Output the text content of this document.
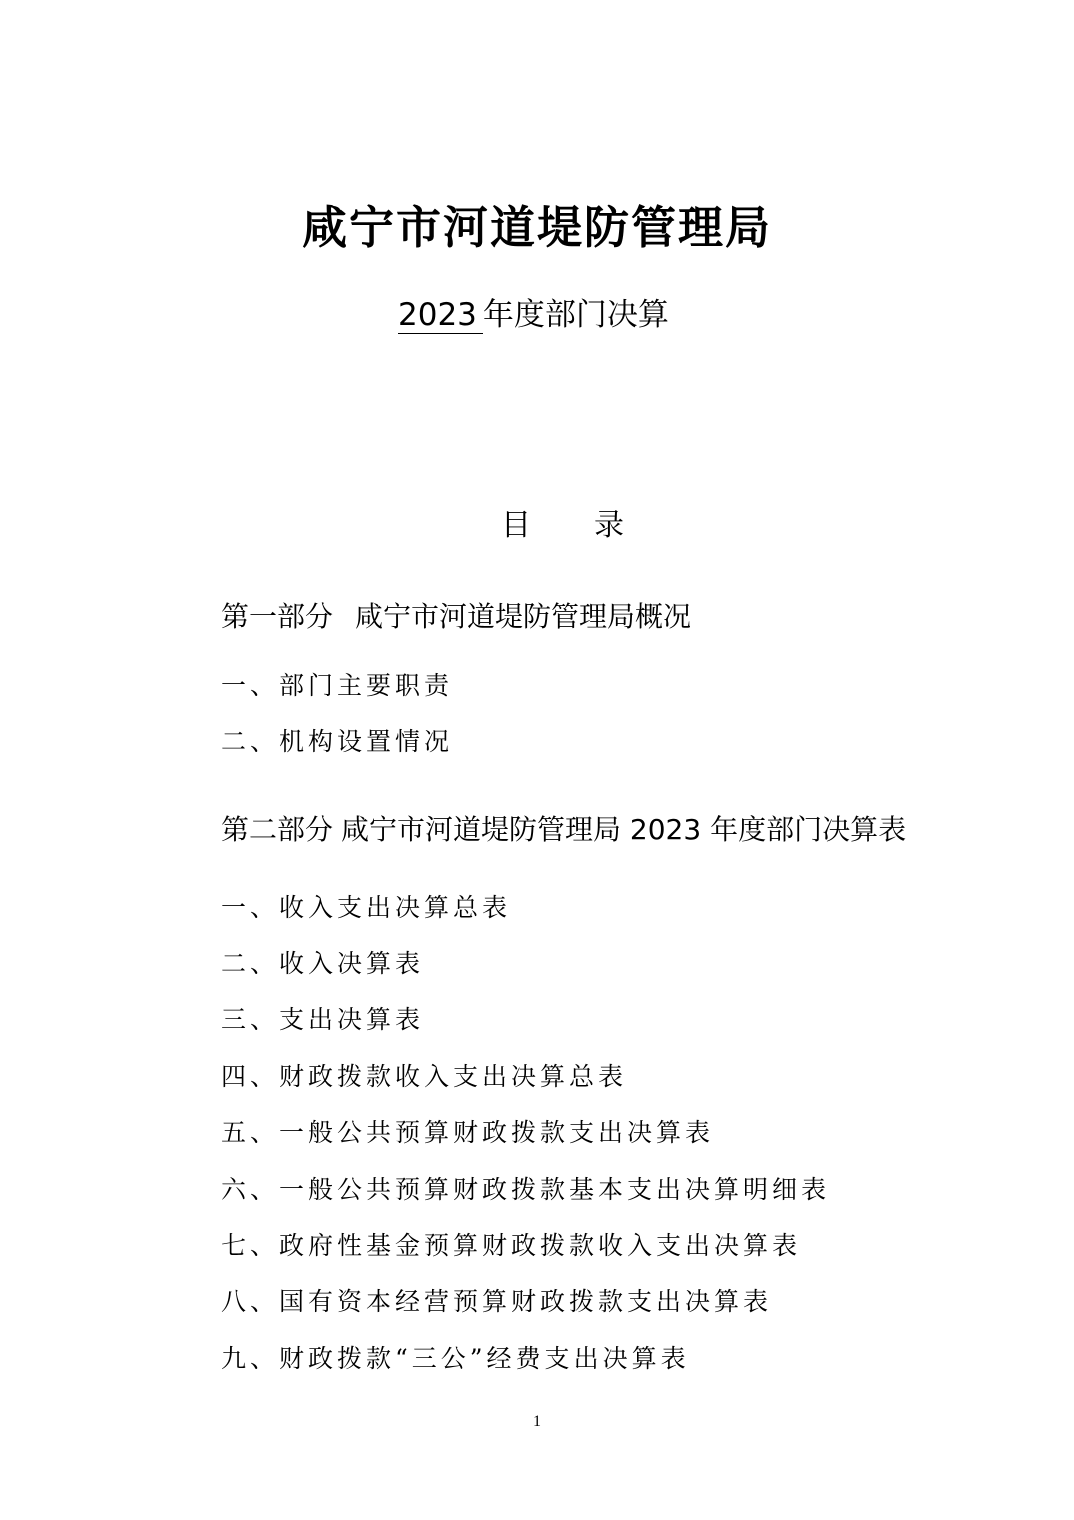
咸宁市河道堤防管理局
2023 年度部门决算
目 录
第一部分 咸宁市河道堤防管理局概况
一、部门主要职责
二、机构设置情况
第二部分 咸宁市河道堤防管理局 2023 年度部门决算表
一、收入支出决算总表
二、收入决算表
三、支出决算表
四、财政拨款收入支出决算总表
五、一般公共预算财政拨款支出决算表
六、一般公共预算财政拨款基本支出决算明细表
七、政府性基金预算财政拨款收入支出决算表
八、国有资本经营预算财政拨款支出决算表
九、财政拨款“三公”经费支出决算表
1
